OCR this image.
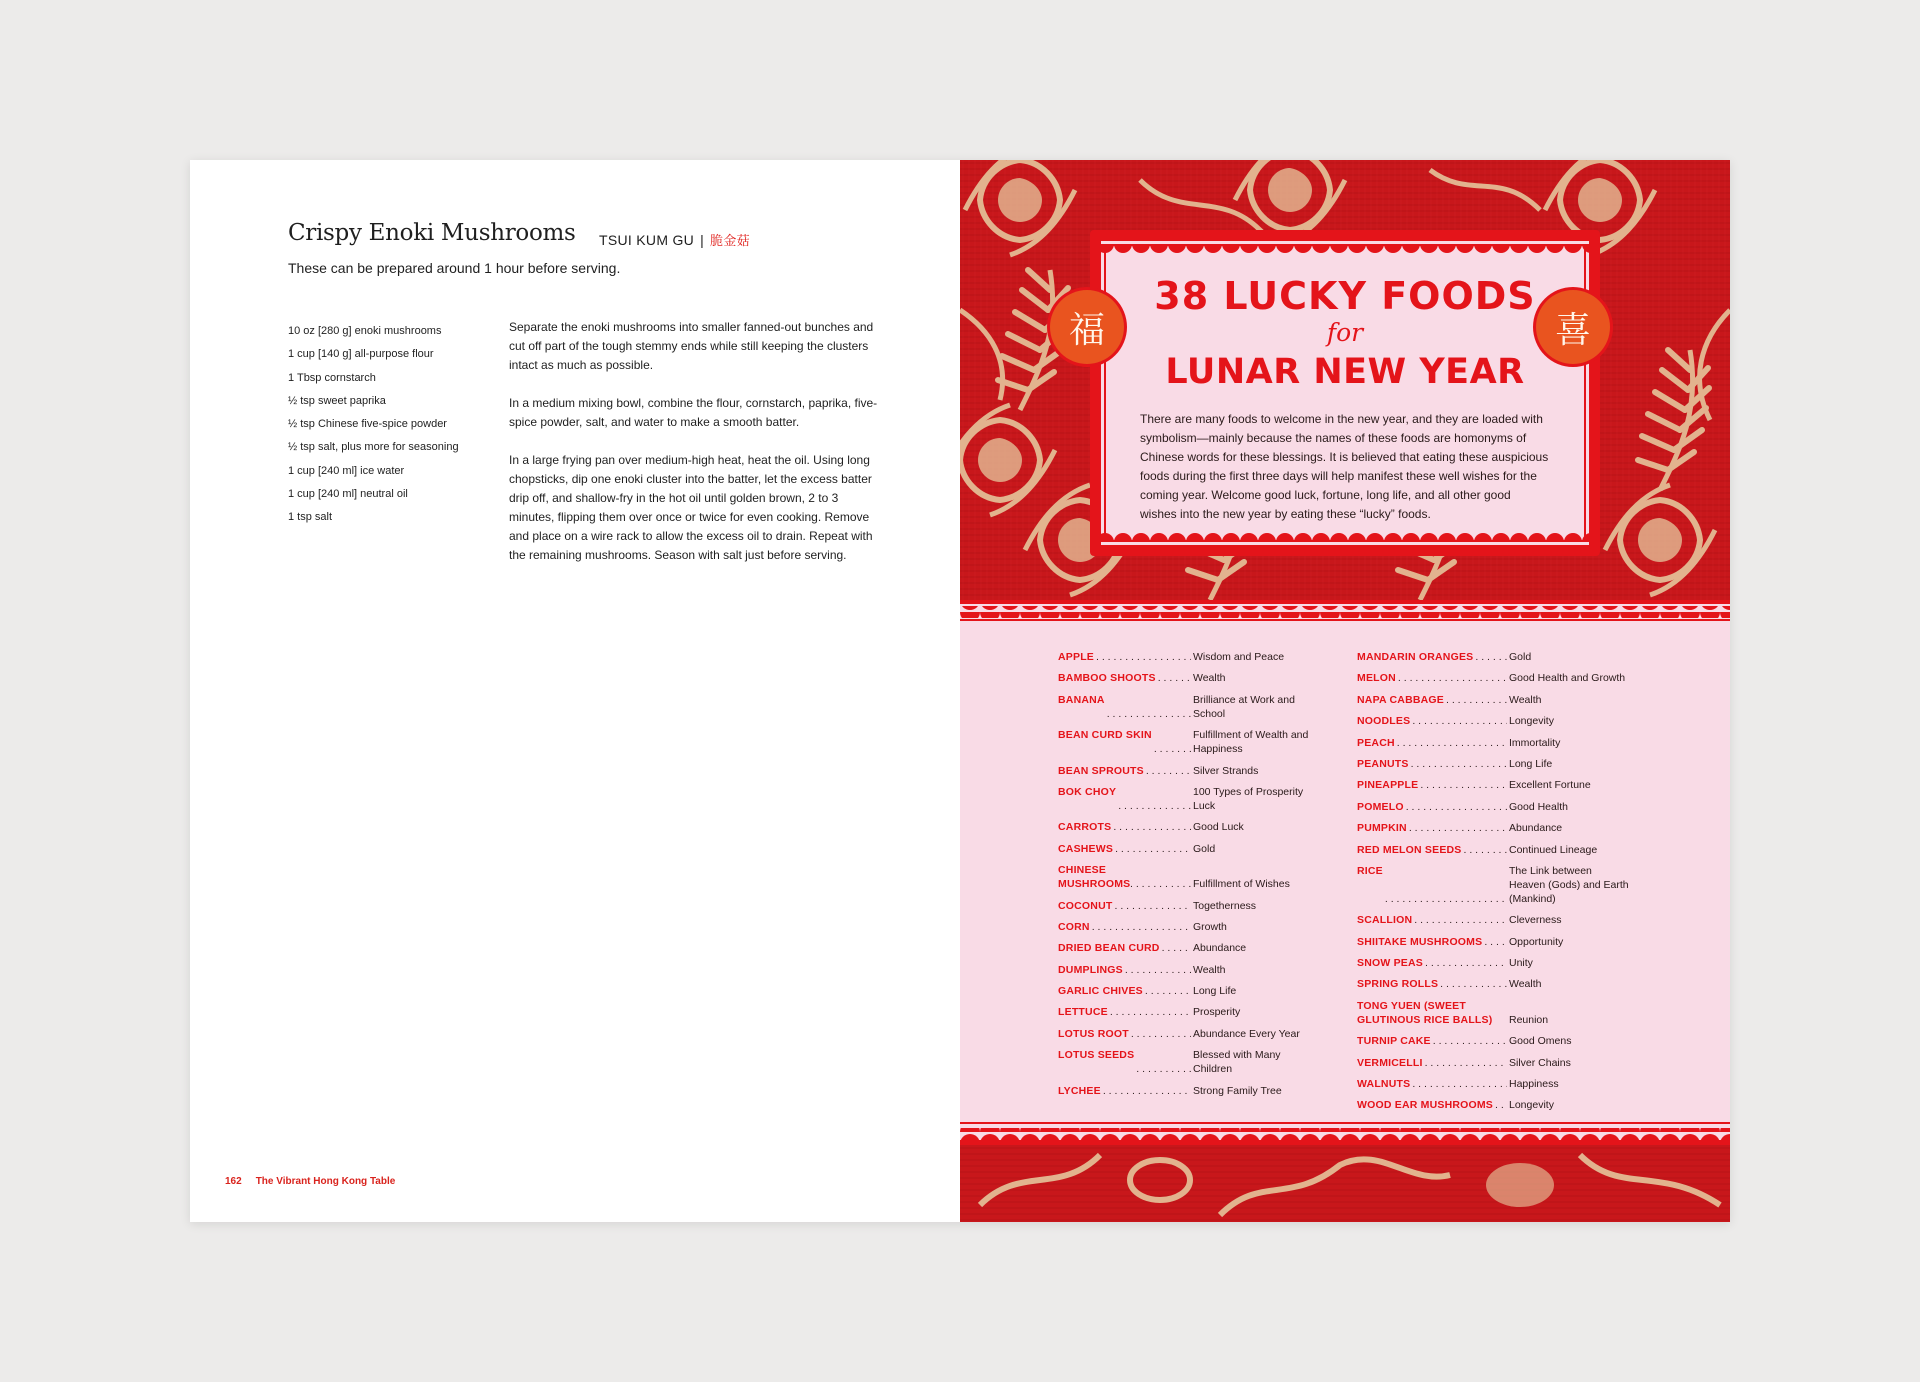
Crispy Enoki Mushrooms TSUI KUM GU | 脆金菇
These can be prepared around 1 hour before serving.
10 oz [280 g] enoki mushrooms
1 cup [140 g] all-purpose flour
1 Tbsp cornstarch
½ tsp sweet paprika
½ tsp Chinese five-spice powder
½ tsp salt, plus more for seasoning
1 cup [240 ml] ice water
1 cup [240 ml] neutral oil
1 tsp salt

Separate the enoki mushrooms into smaller fanned-out bunches and cut off part of the tough stemmy ends while still keeping the clusters intact as much as possible.

In a medium mixing bowl, combine the flour, cornstarch, paprika, five-spice powder, salt, and water to make a smooth batter.

In a large frying pan over medium-high heat, heat the oil. Using long chopsticks, dip one enoki cluster into the batter, let the excess batter drip off, and shallow-fry in the hot oil until golden brown, 2 to 3 minutes, flipping them over once or twice for even cooking. Remove and place on a wire rack to allow the excess oil to drain. Repeat with the remaining mushrooms. Season with salt just before serving.

162 The Vibrant Hong Kong Table
38 LUCKY FOODS
for
LUNAR NEW YEAR
There are many foods to welcome in the new year, and they are loaded with symbolism—mainly because the names of these foods are homonyms of Chinese words for these blessings. It is believed that eating these auspicious foods during the first three days will help manifest these well wishes for the coming year. Welcome good luck, fortune, long life, and all other good wishes into the new year by eating these “lucky” foods.
福	喜
APPLE . . .	Wisdom and Peace
BAMBOO SHOOTS . . .	Wealth
BANANA
. . .	Brilliance at Work and School
BEAN CURD SKIN
. . .	Fulfillment of Wealth and Happiness
BEAN SPROUTS . . .	Silver Strands
BOK CHOY
. . .	100 Types of Prosperity Luck
CARROTS . . .	Good Luck
CASHEWS . . .	Gold
CHINESE MUSHROOMS . . .	Fulfillment of Wishes
COCONUT . . .	Togetherness
CORN . . .	Growth
DRIED BEAN CURD . . .	Abundance
DUMPLINGS . . .	Wealth
GARLIC CHIVES . . .	Long Life
LETTUCE . . .	Prosperity
LOTUS ROOT . . .	Abundance Every Year
LOTUS SEEDS
. . .	Blessed with Many Children
LYCHEE . . .	Strong Family Tree
MANDARIN ORANGES . . .	Gold
MELON
. . .	Good Health and Growth
NAPA CABBAGE . . .	Wealth
NOODLES . . .	Longevity
PEACH . . .	Immortality
PEANUTS . . .	Long Life
PINEAPPLE . . .	Excellent Fortune
POMELO . . .	Good Health
PUMPKIN . . .	Abundance
RED MELON SEEDS . . .	Continued Lineage
RICE
. . .	The Link between Heaven (Gods) and Earth (Mankind)
SCALLION . . .	Cleverness
SHIITAKE MUSHROOMS . . .	Opportunity
SNOW PEAS . . .	Unity
SPRING ROLLS . . .	Wealth
TONG YUEN (SWEET GLUTINOUS RICE BALLS)	Reunion
TURNIP CAKE . . .	Good Omens
VERMICELLI . . .	Silver Chains
WALNUTS . . .	Happiness
WOOD EAR MUSHROOMS . . . Longevity
